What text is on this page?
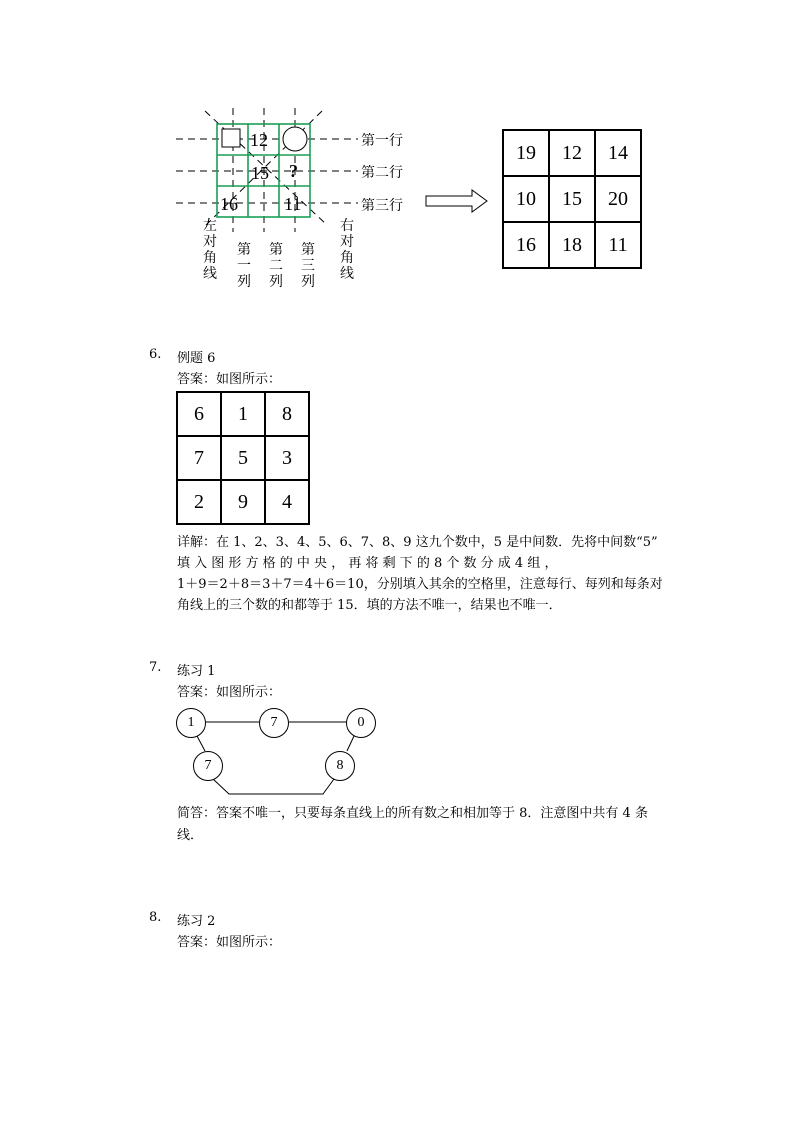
12
15 ?
16	11
第一行
第二行
第三行
左对角线
第一列
第二列
第三列
右对角线
19	12	14
10	15	20
16	18	11
6. 例题 6
答案：如图所示：
6	1	8
7	5	3
2	9	4
详解：在 1、2、3、4、5、6、7、8、9 这九个数中，5 是中间数．先将中间数“5”
填 入 图 形 方 格 的 中 央 ， 再 将 剩 下 的 8 个 数 分 成 4 组 ，
1＋9＝2＋8＝3＋7＝4＋6＝10，分别填入其余的空格里，注意每行、每列和每条对
角线上的三个数的和都等于 15．填的方法不唯一，结果也不唯一．
7. 练习 1
答案：如图所示：
1	7	0
7	8
简答：答案不唯一，只要每条直线上的所有数之和相加等于 8．注意图中共有 4 条
线．
8. 练习 2
答案：如图所示：
